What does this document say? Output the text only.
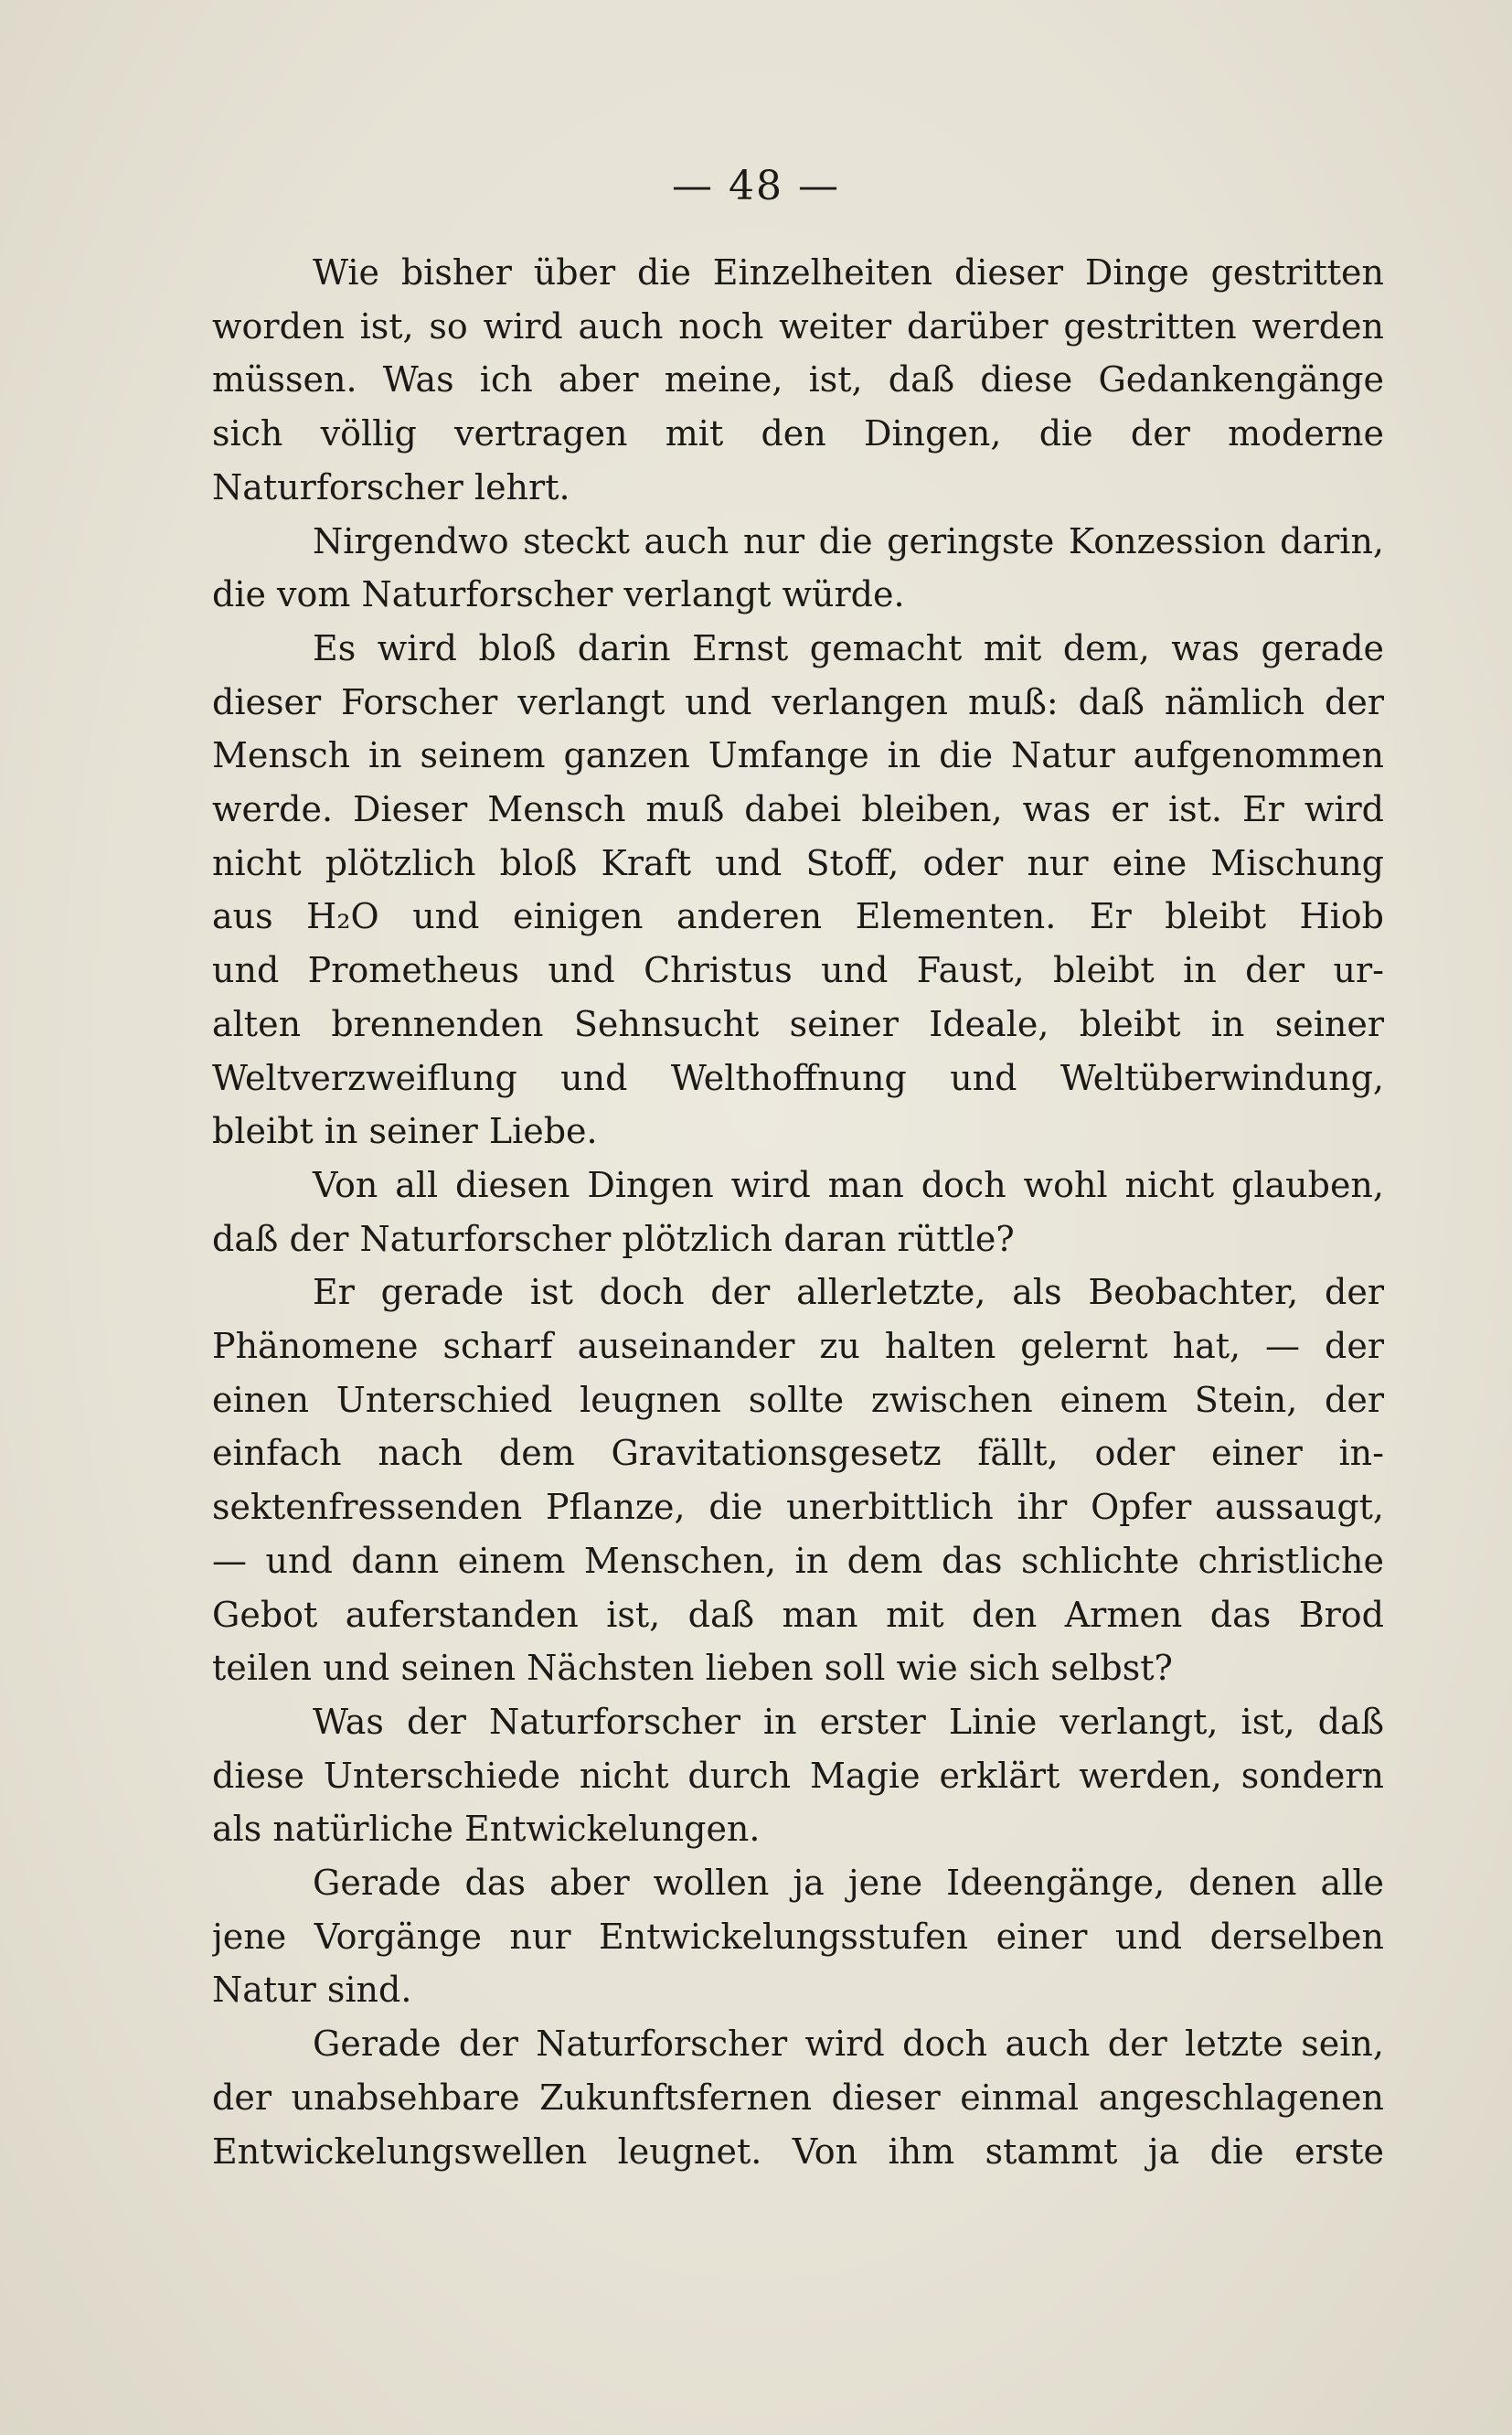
— 48 —
Wie bisher über die Einzelheiten dieser Dinge gestritten
worden ist, so wird auch noch weiter darüber gestritten werden
müssen. Was ich aber meine, ist, daß diese Gedankengänge
sich völlig vertragen mit den Dingen, die der moderne
Naturforscher lehrt.
Nirgendwo steckt auch nur die geringste Konzession darin,
die vom Naturforscher verlangt würde.
Es wird bloß darin Ernst gemacht mit dem, was gerade
dieser Forscher verlangt und verlangen muß: daß nämlich der
Mensch in seinem ganzen Umfange in die Natur aufgenommen
werde. Dieser Mensch muß dabei bleiben, was er ist. Er wird
nicht plötzlich bloß Kraft und Stoff, oder nur eine Mischung
aus H₂O und einigen anderen Elementen. Er bleibt Hiob
und Prometheus und Christus und Faust, bleibt in der ur-
alten brennenden Sehnsucht seiner Ideale, bleibt in seiner
Weltverzweiflung und Welthoffnung und Weltüberwindung,
bleibt in seiner Liebe.
Von all diesen Dingen wird man doch wohl nicht glauben,
daß der Naturforscher plötzlich daran rüttle?
Er gerade ist doch der allerletzte, als Beobachter, der
Phänomene scharf auseinander zu halten gelernt hat, — der
einen Unterschied leugnen sollte zwischen einem Stein, der
einfach nach dem Gravitationsgesetz fällt, oder einer in-
sektenfressenden Pflanze, die unerbittlich ihr Opfer aussaugt,
— und dann einem Menschen, in dem das schlichte christliche
Gebot auferstanden ist, daß man mit den Armen das Brod
teilen und seinen Nächsten lieben soll wie sich selbst?
Was der Naturforscher in erster Linie verlangt, ist, daß
diese Unterschiede nicht durch Magie erklärt werden, sondern
als natürliche Entwickelungen.
Gerade das aber wollen ja jene Ideengänge, denen alle
jene Vorgänge nur Entwickelungsstufen einer und derselben
Natur sind.
Gerade der Naturforscher wird doch auch der letzte sein,
der unabsehbare Zukunftsfernen dieser einmal angeschlagenen
Entwickelungswellen leugnet. Von ihm stammt ja die erste
